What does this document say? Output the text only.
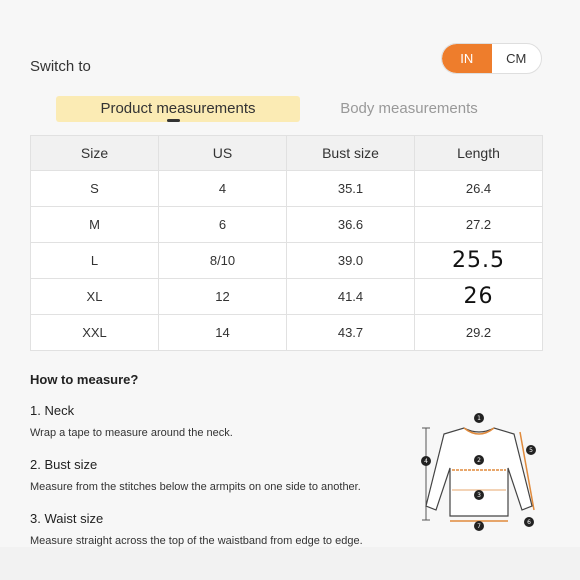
Switch to	IN	CM
Product measurements	Body measurements
Size	US	Bust size	Length
S	4	35.1	26.4
M	6	36.6	27.2
L	8/10	39.0	25.5
XL	12	41.4	26
XXL	14	43.7	29.2
How to measure?
1. Neck
Wrap a tape to measure around the neck.
2. Bust size
Measure from the stitches below the armpits on one side to another.
3. Waist size
Measure straight across the top of the waistband from edge to edge.
1
2
3
4
5
6
7
